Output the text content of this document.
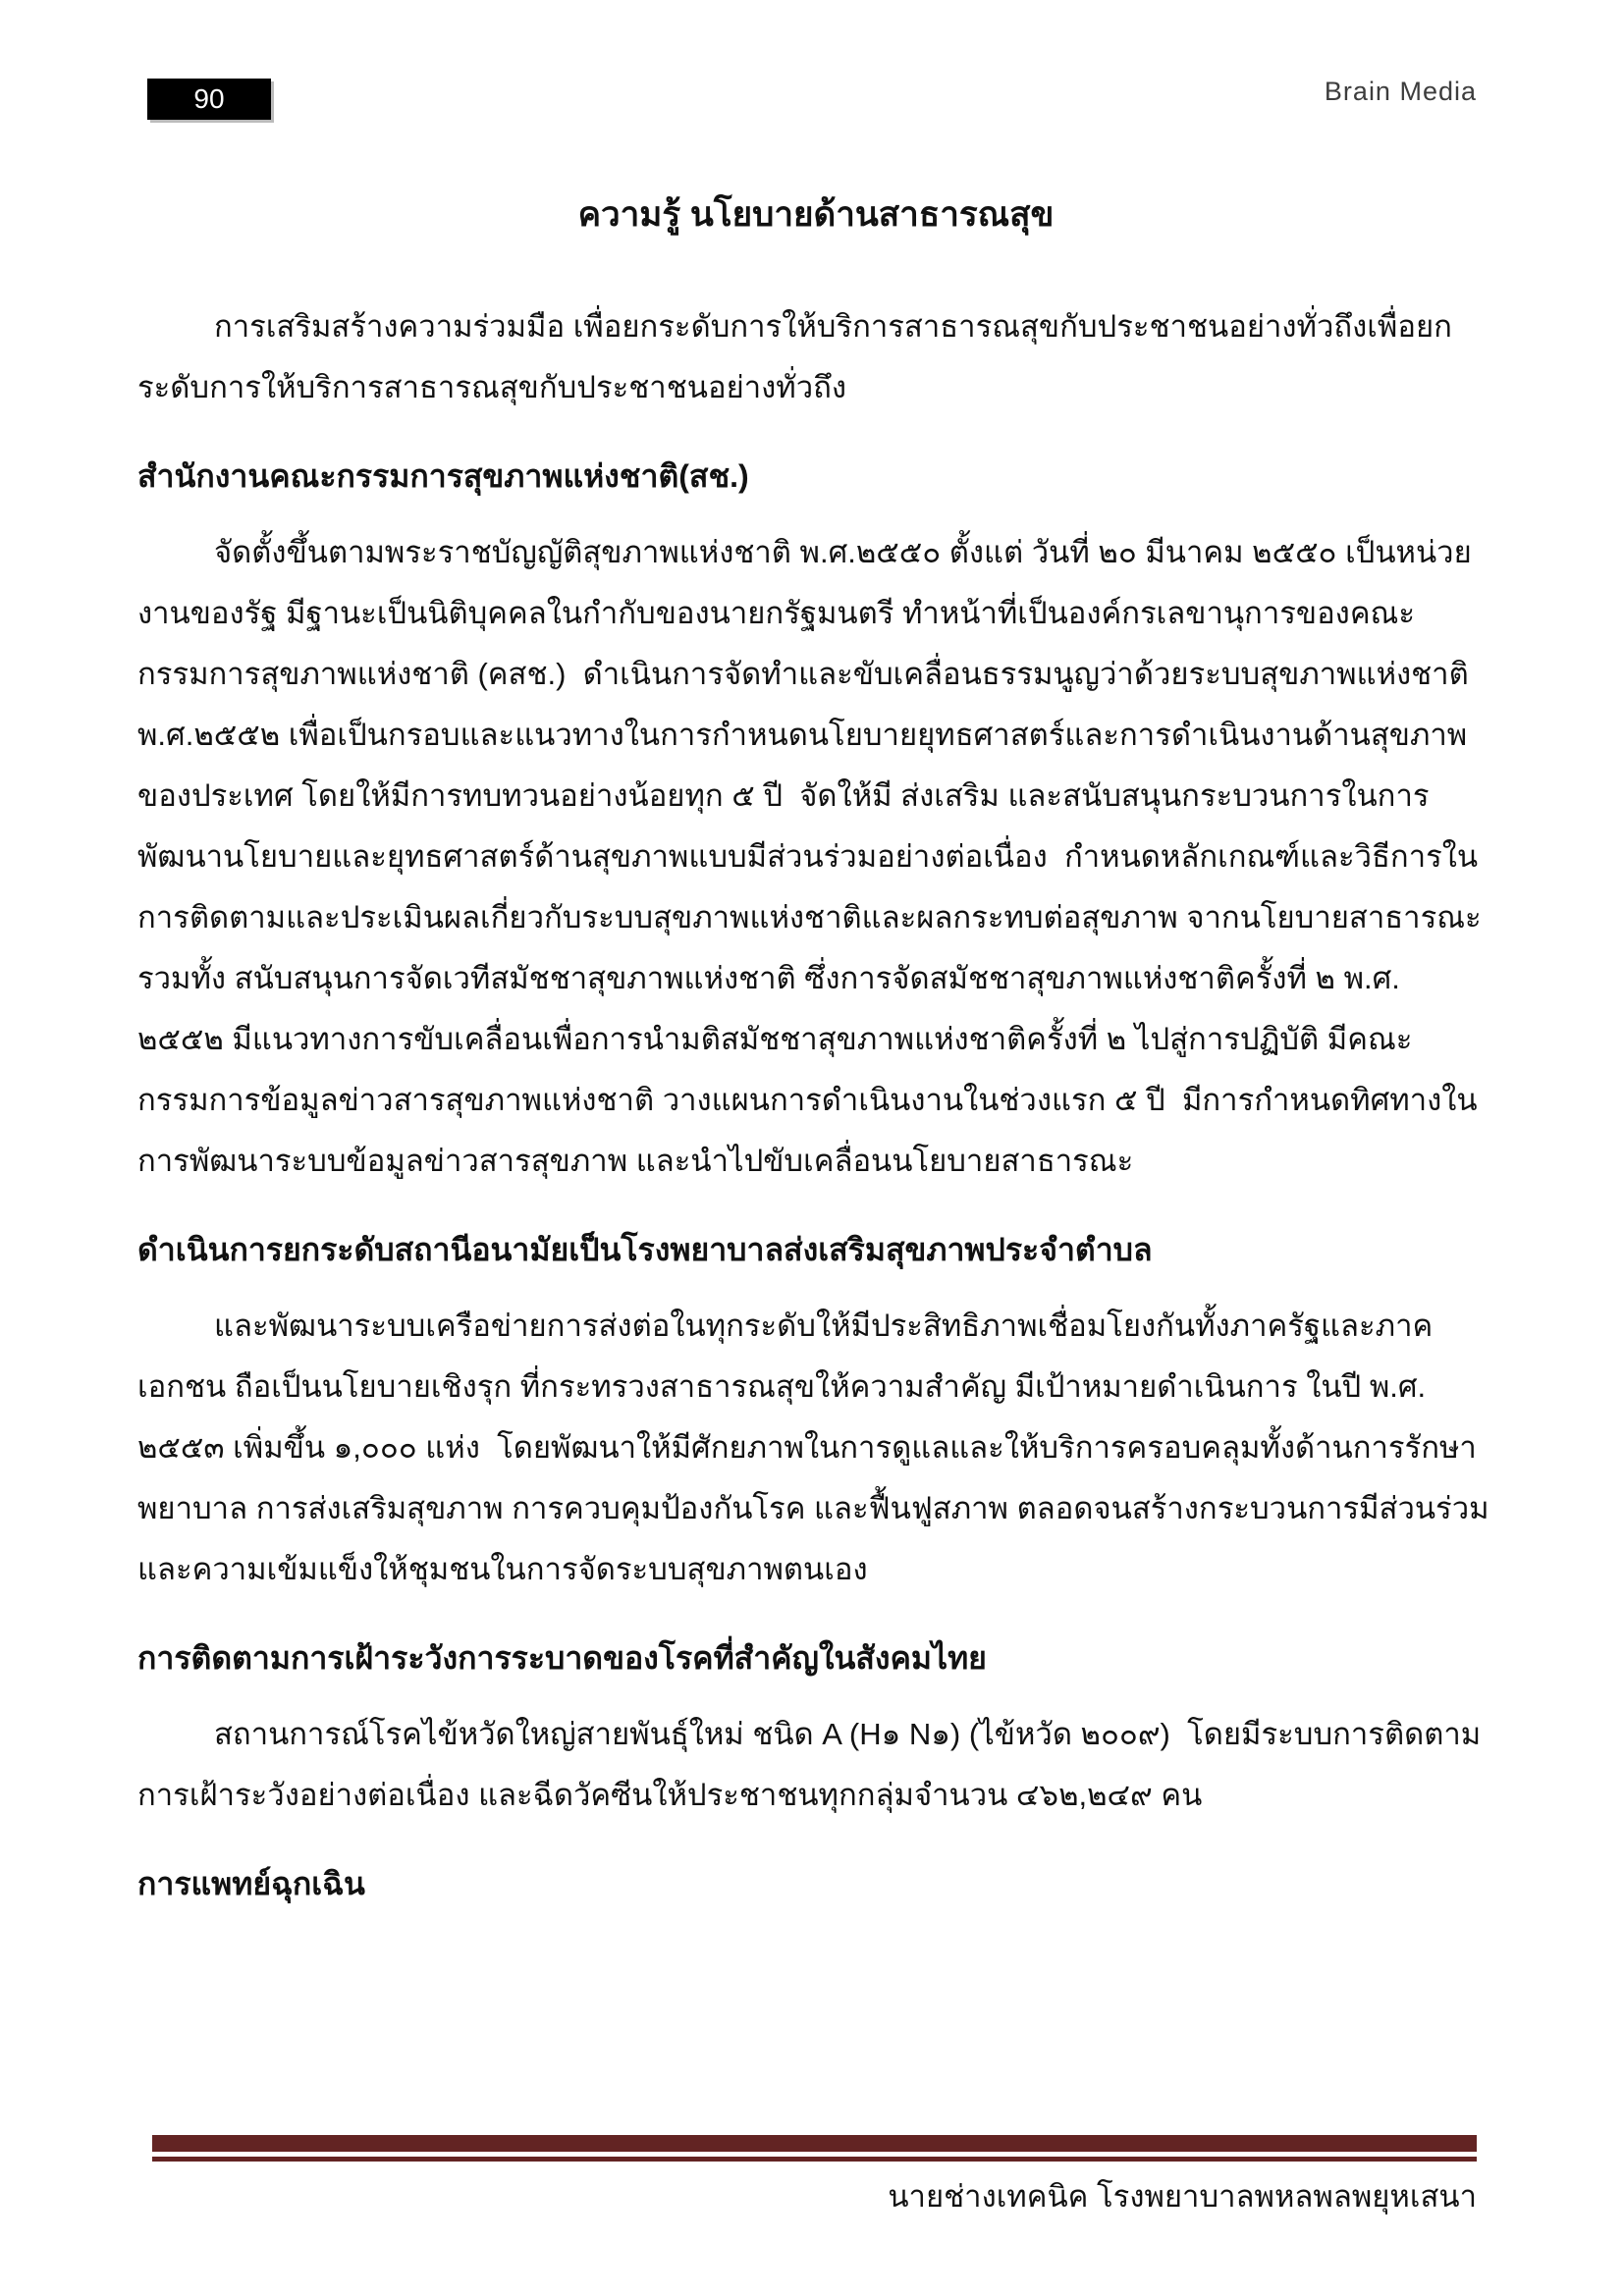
90	Brain Media
ความรู้ นโยบายด้านสาธารณสุข

การเสริมสร้างความร่วมมือ เพื่อยกระดับการให้บริการสาธารณสุขกับประชาชนอย่างทั่วถึงเพื่อยกระดับการให้บริการสาธารณสุขกับประชาชนอย่างทั่วถึง

สำนักงานคณะกรรมการสุขภาพแห่งชาติ(สช.)

จัดตั้งขึ้นตามพระราชบัญญัติสุขภาพแห่งชาติ พ.ศ.๒๕๕๐ ตั้งแต่ วันที่ ๒๐ มีนาคม ๒๕๕๐ เป็นหน่วยงานของรัฐ มีฐานะเป็นนิติบุคคลในกำกับของนายกรัฐมนตรี ทำหน้าที่เป็นองค์กรเลขานุการของคณะกรรมการสุขภาพแห่งชาติ (คสช.)  ดำเนินการจัดทำและขับเคลื่อนธรรมนูญว่าด้วยระบบสุขภาพแห่งชาติ พ.ศ.๒๕๕๒ เพื่อเป็นกรอบและแนวทางในการกำหนดนโยบายยุทธศาสตร์และการดำเนินงานด้านสุขภาพของประเทศ โดยให้มีการทบทวนอย่างน้อยทุก ๕ ปี  จัดให้มี ส่งเสริม และสนับสนุนกระบวนการในการพัฒนานโยบายและยุทธศาสตร์ด้านสุขภาพแบบมีส่วนร่วมอย่างต่อเนื่อง  กำหนดหลักเกณฑ์และวิธีการในการติดตามและประเมินผลเกี่ยวกับระบบสุขภาพแห่งชาติและผลกระทบต่อสุขภาพ จากนโยบายสาธารณะ  รวมทั้ง สนับสนุนการจัดเวทีสมัชชาสุขภาพแห่งชาติ ซึ่งการจัดสมัชชาสุขภาพแห่งชาติครั้งที่ ๒ พ.ศ. ๒๕๕๒ มีแนวทางการขับเคลื่อนเพื่อการนำมติสมัชชาสุขภาพแห่งชาติครั้งที่ ๒ ไปสู่การปฏิบัติ มีคณะกรรมการข้อมูลข่าวสารสุขภาพแห่งชาติ วางแผนการดำเนินงานในช่วงแรก ๕ ปี  มีการกำหนดทิศทางในการพัฒนาระบบข้อมูลข่าวสารสุขภาพ และนำไปขับเคลื่อนนโยบายสาธารณะ

ดำเนินการยกระดับสถานีอนามัยเป็นโรงพยาบาลส่งเสริมสุขภาพประจำตำบล

และพัฒนาระบบเครือข่ายการส่งต่อในทุกระดับให้มีประสิทธิภาพเชื่อมโยงกันทั้งภาครัฐและภาคเอกชน ถือเป็นนโยบายเชิงรุก ที่กระทรวงสาธารณสุขให้ความสำคัญ มีเป้าหมายดำเนินการ ในปี พ.ศ. ๒๕๕๓ เพิ่มขึ้น ๑,๐๐๐ แห่ง  โดยพัฒนาให้มีศักยภาพในการดูแลและให้บริการครอบคลุมทั้งด้านการรักษาพยาบาล การส่งเสริมสุขภาพ การควบคุมป้องกันโรค และฟื้นฟูสภาพ ตลอดจนสร้างกระบวนการมีส่วนร่วมและความเข้มแข็งให้ชุมชนในการจัดระบบสุขภาพตนเอง

การติดตามการเฝ้าระวังการระบาดของโรคที่สำคัญในสังคมไทย

สถานการณ์โรคไข้หวัดใหญ่สายพันธุ์ใหม่ ชนิด A (H๑ N๑) (ไข้หวัด ๒๐๐๙)  โดยมีระบบการติดตามการเฝ้าระวังอย่างต่อเนื่อง และฉีดวัคซีนให้ประชาชนทุกกลุ่มจำนวน ๔๖๒,๒๔๙ คน

การแพทย์ฉุกเฉิน
นายช่างเทคนิค โรงพยาบาลพหลพลพยุหเสนา
